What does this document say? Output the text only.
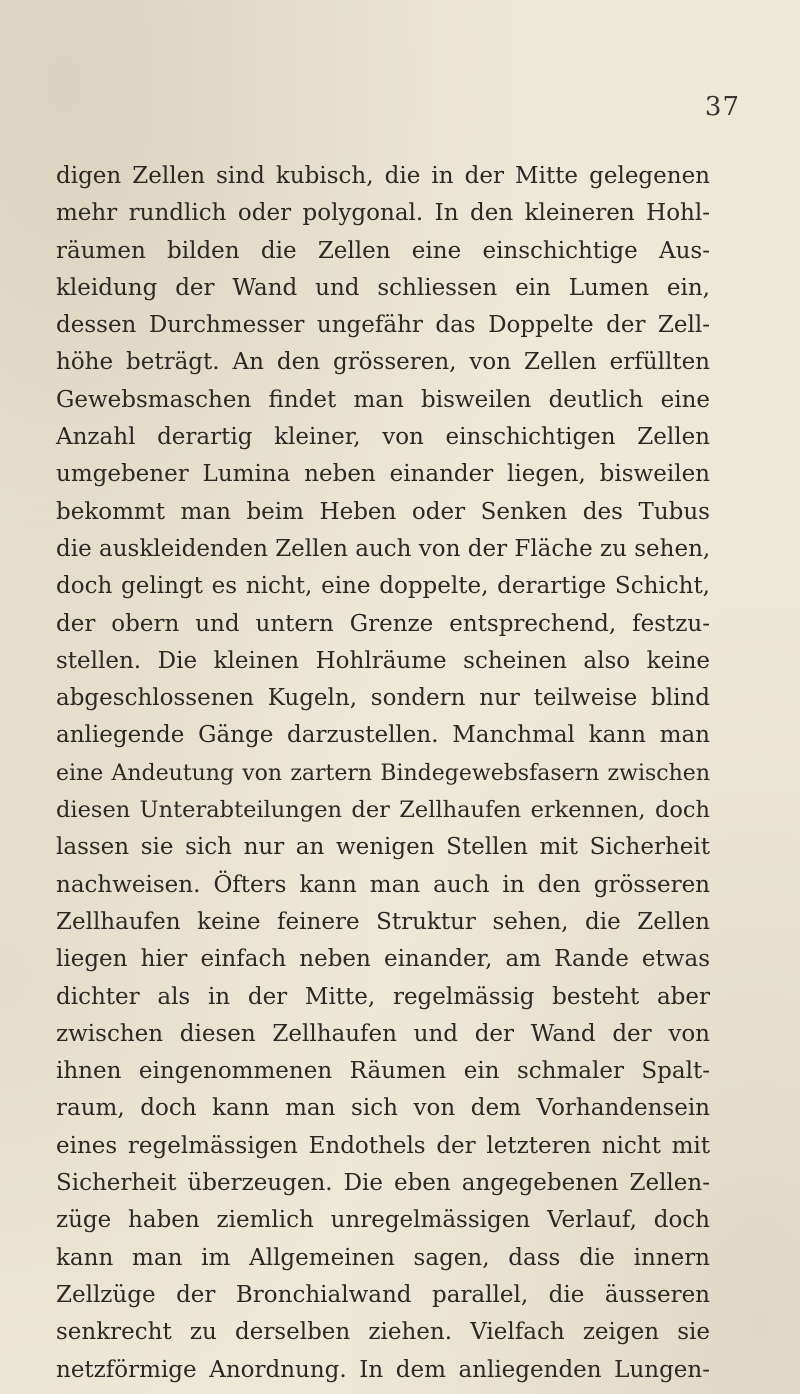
37
digen Zellen sind kubisch, die in der Mitte gelegenen
mehr rundlich oder polygonal. In den kleineren Hohl-
räumen bilden die Zellen eine einschichtige Aus-
kleidung der Wand und schliessen ein Lumen ein,
dessen Durchmesser ungefähr das Doppelte der Zell-
höhe beträgt. An den grösseren, von Zellen erfüllten
Gewebsmaschen findet man bisweilen deutlich eine
Anzahl derartig kleiner, von einschichtigen Zellen
umgebener Lumina neben einander liegen, bisweilen
bekommt man beim Heben oder Senken des Tubus
die auskleidenden Zellen auch von der Fläche zu sehen,
doch gelingt es nicht, eine doppelte, derartige Schicht,
der obern und untern Grenze entsprechend, festzu-
stellen. Die kleinen Hohlräume scheinen also keine
abgeschlossenen Kugeln, sondern nur teilweise blind
anliegende Gänge darzustellen. Manchmal kann man
eine Andeutung von zartern Bindegewebsfasern zwischen
diesen Unterabteilungen der Zellhaufen erkennen, doch
lassen sie sich nur an wenigen Stellen mit Sicherheit
nachweisen. Öfters kann man auch in den grösseren
Zellhaufen keine feinere Struktur sehen, die Zellen
liegen hier einfach neben einander, am Rande etwas
dichter als in der Mitte, regelmässig besteht aber
zwischen diesen Zellhaufen und der Wand der von
ihnen eingenommenen Räumen ein schmaler Spalt-
raum, doch kann man sich von dem Vorhandensein
eines regelmässigen Endothels der letzteren nicht mit
Sicherheit überzeugen. Die eben angegebenen Zellen-
züge haben ziemlich unregelmässigen Verlauf, doch
kann man im Allgemeinen sagen, dass die innern
Zellzüge der Bronchialwand parallel, die äusseren
senkrecht zu derselben ziehen. Vielfach zeigen sie
netzförmige Anordnung. In dem anliegenden Lungen-
